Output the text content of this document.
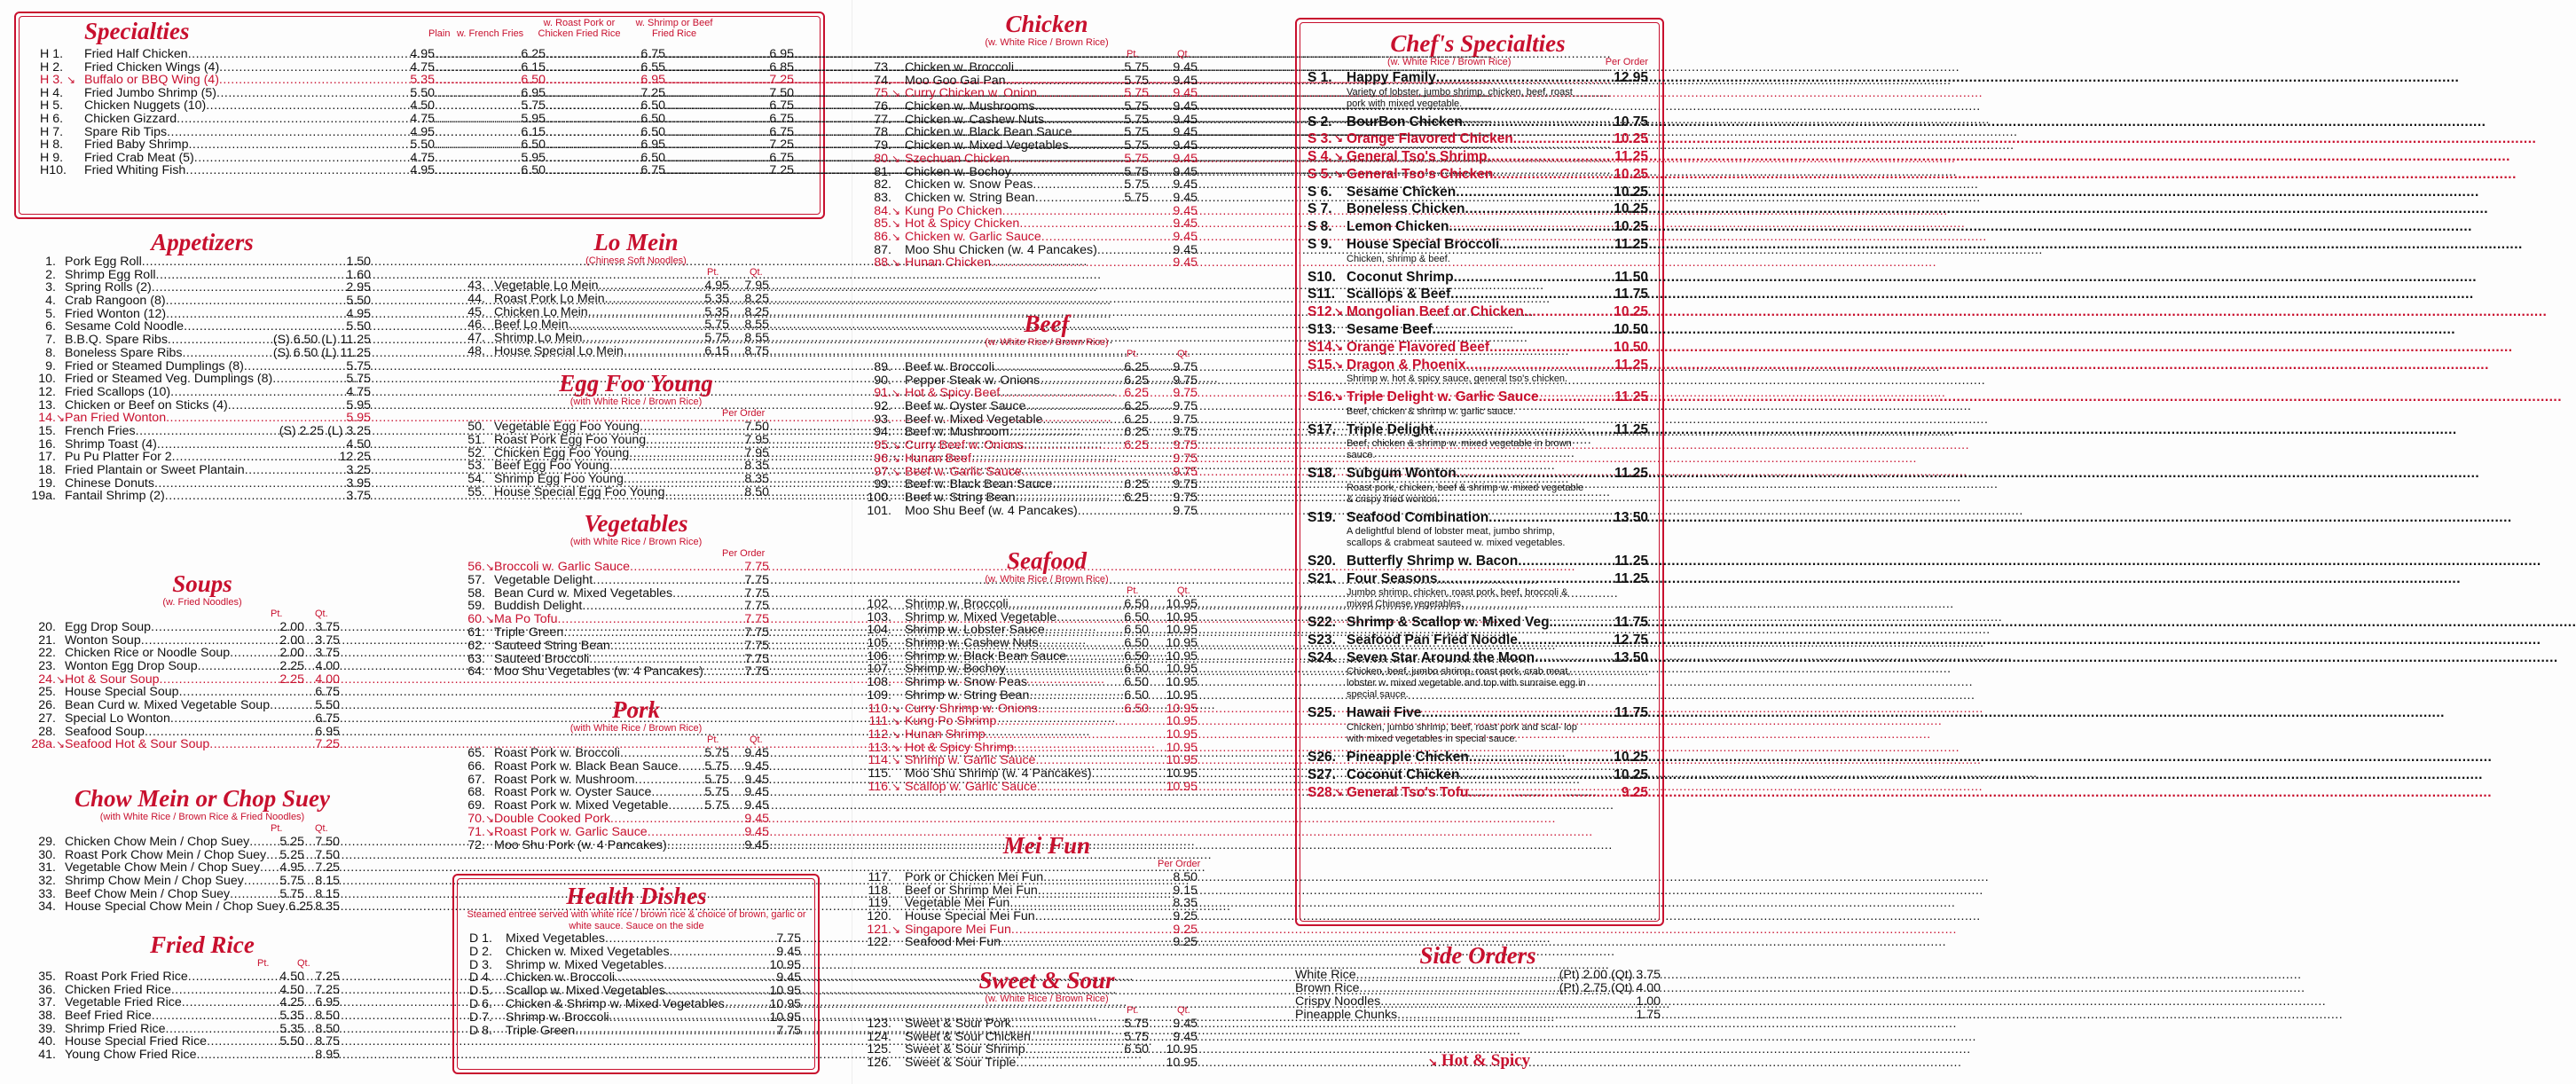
Specialties	Plain w. French Fries
w. Roast Pork or Chicken Fried Rice
w. Shrimp or Beef Fried Rice
H 1. Fried Half Chicken .....	4.95 .....	6.25 .....	6.75 .....	6.95
H 2. Fried Chicken Wings (4) .....	4.75 .....	6.15 .....	6.55 .....	6.85
H 3. ↘ Buffalo or BBQ Wing (4) .....	5.35 .....	6.50 .....	6.95 .....	7.25
H 4. Fried Jumbo Shrimp (5) .....	5.50 .....	6.95 .....	7.25 .....	7.50
H 5. Chicken Nuggets (10) .....	4.50 .....	5.75 .....	6.50 .....	6.75
H 6. Chicken Gizzard .....	4.75 .....	5.95 .....	6.50 .....	6.75
H 7. Spare Rib Tips .....	4.95 .....	6.15 .....	6.50 .....	6.75
H 8. Fried Baby Shrimp .....	5.50 .....	6.50 .....	6.95 .....	7.25
H 9. Fried Crab Meat (5) .....	4.75 .....	5.95 .....	6.50 .....	6.75
H10. Fried Whiting Fish .....	4.95 .....	6.50 .....	6.75 .....	7.25
Appetizers
1. Pork Egg Roll .....	1.50
2. Shrimp Egg Roll .....	1.60
3. Spring Rolls (2) .....	2.95
4. Crab Rangoon (8) .....	5.50
5. Fried Wonton (12) .....	4.95
6. Sesame Cold Noodle .....	5.50
7. B.B.Q. Spare Ribs .....	(S) 6.50 (L) 11.25
8. Boneless Spare Ribs .....	(S) 6.50 (L) 11.25
9. Fried or Steamed Dumplings (8) .....	5.75
10. Fried or Steamed Veg. Dumplings (8) .....	5.75
12. Fried Scallops (10) .....	4.75
13. Chicken or Beef on Sticks (4) .....	5.95
14. ↘ Pan Fried Wonton .....	5.95
15. French Fries .....	(S) 2.25 (L) 3.25
16. Shrimp Toast (4) .....	4.50
17. Pu Pu Platter For 2 .....	12.25
18. Fried Plantain or Sweet Plantain .....	3.25
19. Chinese Donuts .....	3.95
19a. Fantail Shrimp (2) .....	3.75
Soups
(w. Fried Noodles)
Pt.	Qt.
20. Egg Drop Soup .....	2.00 3.75
21. Wonton Soup .....	2.00 3.75
22. Chicken Rice or Noodle Soup .....	2.00 3.75
23. Wonton Egg Drop Soup .....	2.25 4.00
24. ↘ Hot & Sour Soup .....	2.25 4.00
25. House Special Soup .....	6.75
26. Bean Curd w. Mixed Vegetable Soup .....	5.50
27. Special Lo Wonton .....	6.75
28. Seafood Soup .....	6.95
28a. ↘ Seafood Hot & Sour Soup .....	7.25
Chow Mein or Chop Suey
(with White Rice / Brown Rice & Fried Noodles)
Pt.	Qt.
29. Chicken Chow Mein / Chop Suey ..... 5.25 7.50
30. Roast Pork Chow Mein / Chop Suey ..... 5.25 7.50
31. Vegetable Chow Mein / Chop Suey ..... 4.95 7.25
32. Shrimp Chow Mein / Chop Suey .....	5.75 8.15
33. Beef Chow Mein / Chop Suey .....	5.75 8.15
34. House Special Chow Mein / Chop Suey ..... 6.25 8.35
Fried Rice
Pt.	Qt.
35. Roast Pork Fried Rice .....	4.50 7.25
36. Chicken Fried Rice .....	4.50 7.25
37. Vegetable Fried Rice .....	4.25 6.95
38. Beef Fried Rice .....	5.35 8.50
39. Shrimp Fried Rice .....	5.35 8.50
40. House Special Fried Rice .....	5.50 8.75
41. Young Chow Fried Rice .....	8.95
Lo Mein
(Chinese Soft Noodles)
Pt.	Qt.
43. Vegetable Lo Mein .....	4.95 7.95
44. Roast Pork Lo Mein .....	5.35 8.25
45. Chicken Lo Mein .....	5.35 8.25
46. Beef Lo Mein .....	5.75 8.55
47. Shrimp Lo Mein .....	5.75 8.55
48. House Special Lo Mein .....	6.15 8.75
Egg Foo Young
(with White Rice / Brown Rice)
Per Order
50. Vegetable Egg Foo Young .....	7.50
51. Roast Pork Egg Foo Young .....	7.95
52. Chicken Egg Foo Young .....	7.95
53. Beef Egg Foo Young .....	8.35
54. Shrimp Egg Foo Young .....	8.35
55. House Special Egg Foo Young .....	8.50
Vegetables
(with White Rice / Brown Rice)
Per Order
56. ↘ Broccoli w. Garlic Sauce .....	7.75
57. Vegetable Delight .....	7.75
58. Bean Curd w. Mixed Vegetables .....	7.75
59. Buddish Delight .....	7.75
60. ↘ Ma Po Tofu .....	7.75
61. Triple Green .....	7.75
62. Sauteed String Bean .....	7.75
63. Sauteed Broccoli .....	7.75
64. Moo Shu Vegetables (w. 4 Pancakes) .....	7.75
Pork
(with White Rice / Brown Rice)
Pt.	Qt.
65. Roast Pork w. Broccoli .....	5.75 9.45
66. Roast Pork w. Black Bean Sauce ..... 5.75 9.45
67. Roast Pork w. Mushroom .....	5.75 9.45
68. Roast Pork w. Oyster Sauce .....	5.75 9.45
69. Roast Pork w. Mixed Vegetable .....	5.75 9.45
70. ↘ Double Cooked Pork .....	9.45
71. ↘ Roast Pork w. Garlic Sauce .....	9.45
72. Moo Shu Pork (w. 4 Pancakes) .....	9.45
Health Dishes
Steamed entree served with white rice / brown rice & choice of brown, garlic or white sauce. Sauce on the side
D 1. Mixed Vegetables .....	7.75
D 2. Chicken w. Mixed Vegetables .....	9.45
D 3. Shrimp w. Mixed Vegetables .....	10.95
D 4. Chicken w. Broccoli .....	9.45
D 5. Scallop w. Mixed Vegetables .....	10.95
D 6. Chicken & Shrimp w. Mixed Vegetables .....	10.95
D 7. Shrimp w. Broccoli .....	10.95
D 8. Triple Green .....	7.75
Chicken
(w. White Rice / Brown Rice)
Pt.	Qt.
73. Chicken w. Broccoli .....	5.75 9.45
74. Moo Goo Gai Pan .....	5.75 9.45
75. ↘ Curry Chicken w. Onion .....	5.75 9.45
76. Chicken w. Mushrooms .....	5.75 9.45
77. Chicken w. Cashew Nuts .....	5.75 9.45
78. Chicken w. Black Bean Sauce .....	5.75 9.45
79. Chicken w. Mixed Vegetables .....	5.75 9.45
80. ↘ Szechuan Chicken .....	5.75 9.45
81. Chicken w. Bochoy .....	5.75 9.45
82. Chicken w. Snow Peas .....	5.75 9.45
83. Chicken w. String Bean .....	5.75 9.45
84. ↘ Kung Po Chicken .....	9.45
85. ↘ Hot & Spicy Chicken .....	9.45
86. ↘ Chicken w. Garlic Sauce .....	9.45
87. Moo Shu Chicken (w. 4 Pancakes) .....	9.45
88. ↘ Hunan Chicken .....	9.45
Beef
(w. White Rice / Brown Rice)
Pt.	Qt.
89. Beef w. Broccoli .....	6.25 9.75
90. Pepper Steak w. Onions .....	6.25 9.75
91. ↘ Hot & Spicy Beef .....	6.25 9.75
92. Beef w. Oyster Sauce .....	6.25 9.75
93. Beef w. Mixed Vegetable .....	6.25 9.75
94. Beef w. Mushroom .....	6.25 9.75
95. ↘ Curry Beef w. Onions .....	6.25 9.75
96. ↘ Hunan Beef .....	9.75
97. ↘ Beef w. Garlic Sauce .....	9.75
99. Beef w. Black Bean Sauce .....	6.25 9.75
100. Beef w. String Bean .....	6.25 9.75
101. Moo Shu Beef (w. 4 Pancakes) .....	9.75
Seafood
(w. White Rice / Brown Rice)
Pt.	Qt.
102. Shrimp w. Broccoli .....	6.50 10.95
103. Shrimp w. Mixed Vegetable .....	6.50 10.95
104. Shrimp w. Lobster Sauce .....	6.50 10.95
105. Shrimp w. Cashew Nuts .....	6.50 10.95
106. Shrimp w. Black Bean Sauce .....	6.50 10.95
107. Shrimp w. Bochoy .....	6.50 10.95
108. Shrimp w. Snow Peas .....	6.50 10.95
109. Shrimp w. String Bean .....	6.50 10.95
110. ↘ Curry Shrimp w. Onions .....	6.50 10.95
111. ↘ Kung Po Shrimp .....	10.95
112. ↘ Hunan Shrimp .....	10.95
113. ↘ Hot & Spicy Shrimp .....	10.95
114. ↘ Shrimp w. Garlic Sauce .....	10.95
115. Moo Shu Shrimp (w. 4 Pancakes) .....	10.95
116. ↘ Scallop w. Garlic Sauce .....	10.95
Mei Fun
Per Order
117. Pork or Chicken Mei Fun .....	8.50
118. Beef or Shrimp Mei Fun .....	9.15
119. Vegetable Mei Fun .....	8.35
120. House Special Mei Fun .....	9.25
121. ↘ Singapore Mei Fun .....	9.25
122. Seafood Mei Fun .....	9.25
Sweet & Sour
(w. White Rice / Brown Rice)
Pt.	Qt.
123. Sweet & Sour Pork .....	5.75 9.45
124. Sweet & Sour Chicken .....	5.75 9.45
125. Sweet & Sour Shrimp .....	6.50 10.95
126. Sweet & Sour Triple .....	10.95
Chef's Specialties
(w. White Rice / Brown Rice)	Per Order
S 1. Happy Family .....	12.95
Variety of lobster, jumbo shrimp, chicken, beef, roast pork with mixed vegetable.
S 2. BourBon Chicken .....	10.75
S 3. ↘ Orange Flavored Chicken .....	10.25
S 4. ↘ General Tso's Shrimp .....	11.25
S 5. ↘ General Tso's Chicken .....	10.25
S 6. Sesame Chicken .....	10.25
S 7. Boneless Chicken .....	10.25
S 8. Lemon Chicken .....	10.25
S 9. House Special Broccoli .....	11.25
Chicken, shrimp & beef.
S10. Coconut Shrimp .....	11.50
S11. Scallops & Beef .....	11.75
S12.
↘ Mongolian Beef or Chicken .....	10.25
S13. Sesame Beef .....	10.50
S14.
↘ Orange Flavored Beef .....	10.50
S15.
↘ Dragon & Phoenix .....	11.25
Shrimp w. hot & spicy sauce, general tso's chicken.
S16.
↘ Triple Delight w. Garlic Sauce .....	11.25
Beef, chicken & shrimp w. garlic sauce.
S17. Triple Delight .....	11.25
Beef, chicken & shrimp w. mixed vegetable in brown sauce.
S18. Subgum Wonton .....	11.25
Roast pork, chicken, beef & shrimp w. mixed vegetable & crispy fried wonton.
S19. Seafood Combination .....	13.50
A delightful blend of lobster meat, jumbo shrimp, scallops & crabmeat sauteed w. mixed vegetables.
S20. Butterfly Shrimp w. Bacon .....	11.25
S21. Four Seasons .....	11.25
Jumbo shrimp, chicken, roast pork, beef, broccoli & mixed Chinese vegetables.
S22. Shrimp & Scallop w. Mixed Veg. .....	11.75
S23. Seafood Pan Fried Noodle .....	12.75
S24. Seven Star Around the Moon .....	13.50
Chicken, beef, jumbo shrimp, roast pork, crab meat, lobster w. mixed vegetable and top with sunraise egg in special sauce.
S25. Hawaii Five .....	11.75
Chicken, jumbo shrimp, beef, roast pork and scal- lop with mixed vegetables in special sauce.
S26. Pineapple Chicken .....	10.25
S27. Coconut Chicken .....	10.25
S28.
↘ General Tso's Tofu .....	9.25
Side Orders
White Rice .....	(Pt) 2.00 (Qt) 3.75
Brown Rice .....	(Pt) 2.75 (Qt) 4.00
Crispy Noodles .....	1.00
Pineapple Chunks .....	1.75
↘ Hot & Spicy
